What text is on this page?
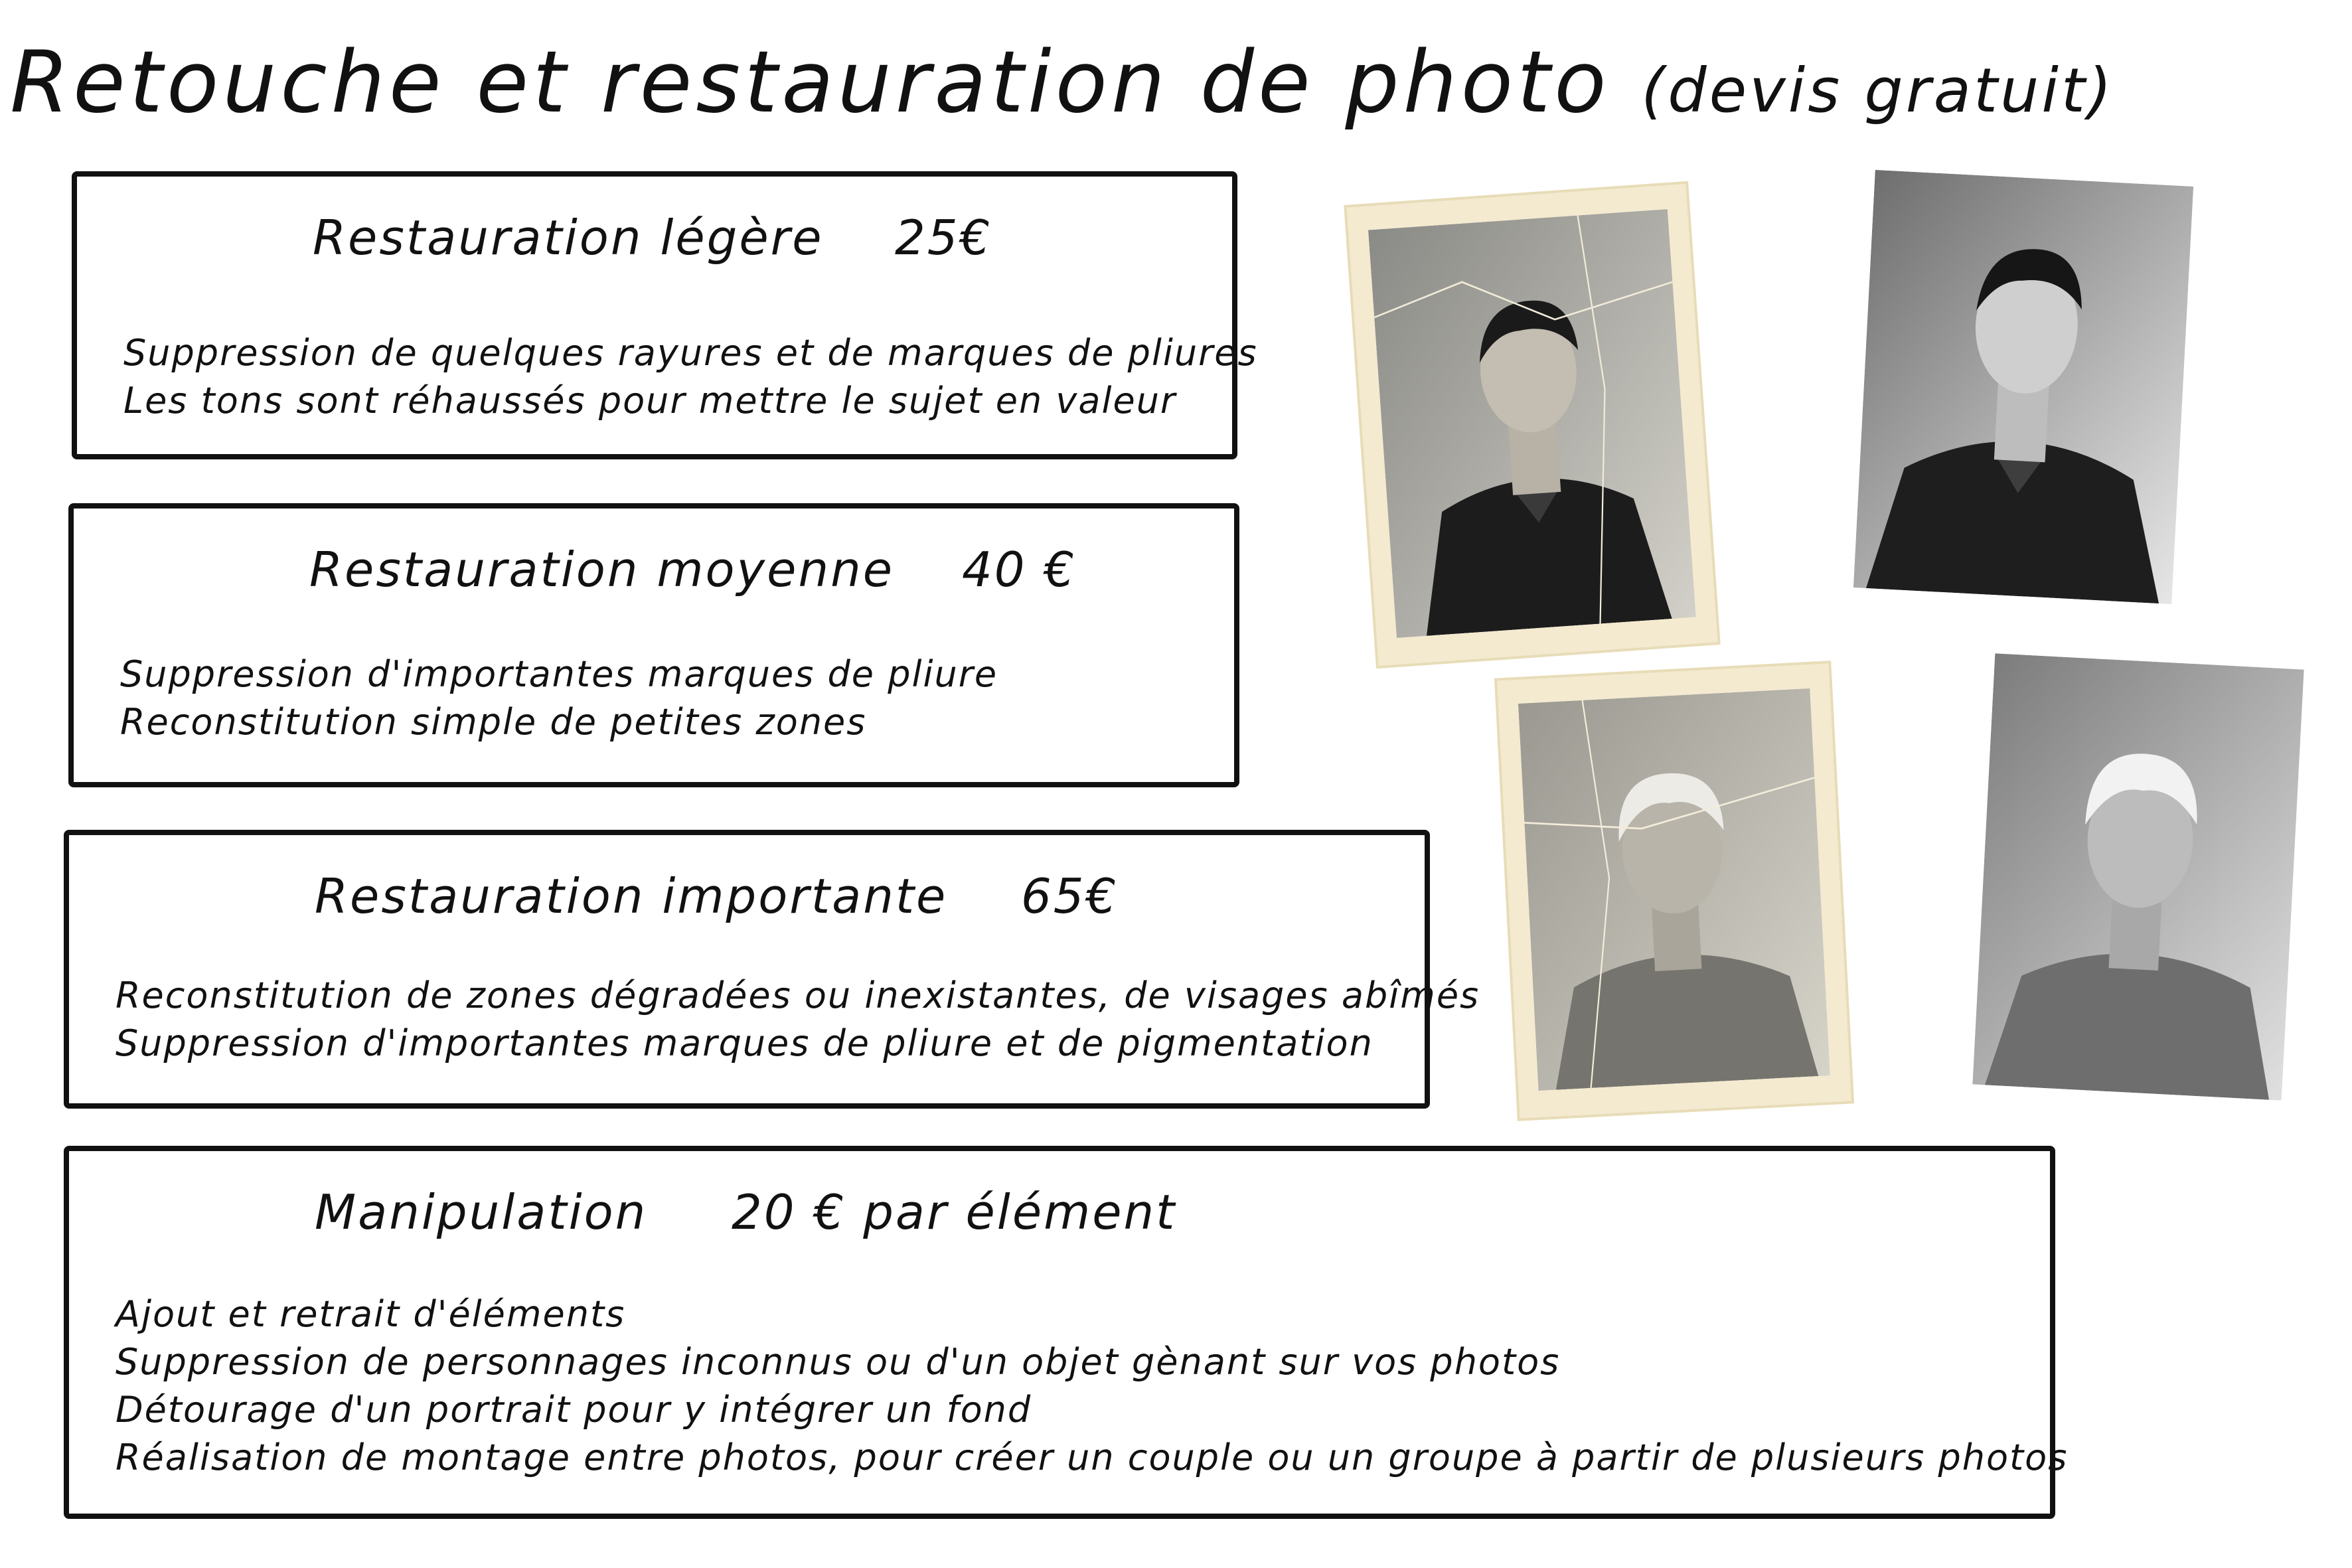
Retouche et restauration de photo (devis gratuit)
Restauration légère 25€
Suppression de quelques rayures et de marques de pliures
Les tons sont réhaussés pour mettre le sujet en valeur
Restauration moyenne 40 €
Suppression d'importantes marques de pliure
Reconstitution simple de petites zones
Restauration importante 65€
Reconstitution de zones dégradées ou inexistantes, de visages abîmés
Suppression d'importantes marques de pliure et de pigmentation
Manipulation 20 € par élément
Ajout et retrait d'éléments
Suppression de personnages inconnus ou d'un objet gènant sur vos photos
Détourage d'un portrait pour y intégrer un fond
Réalisation de montage entre photos, pour créer un couple ou un groupe à partir de plusieurs photos
